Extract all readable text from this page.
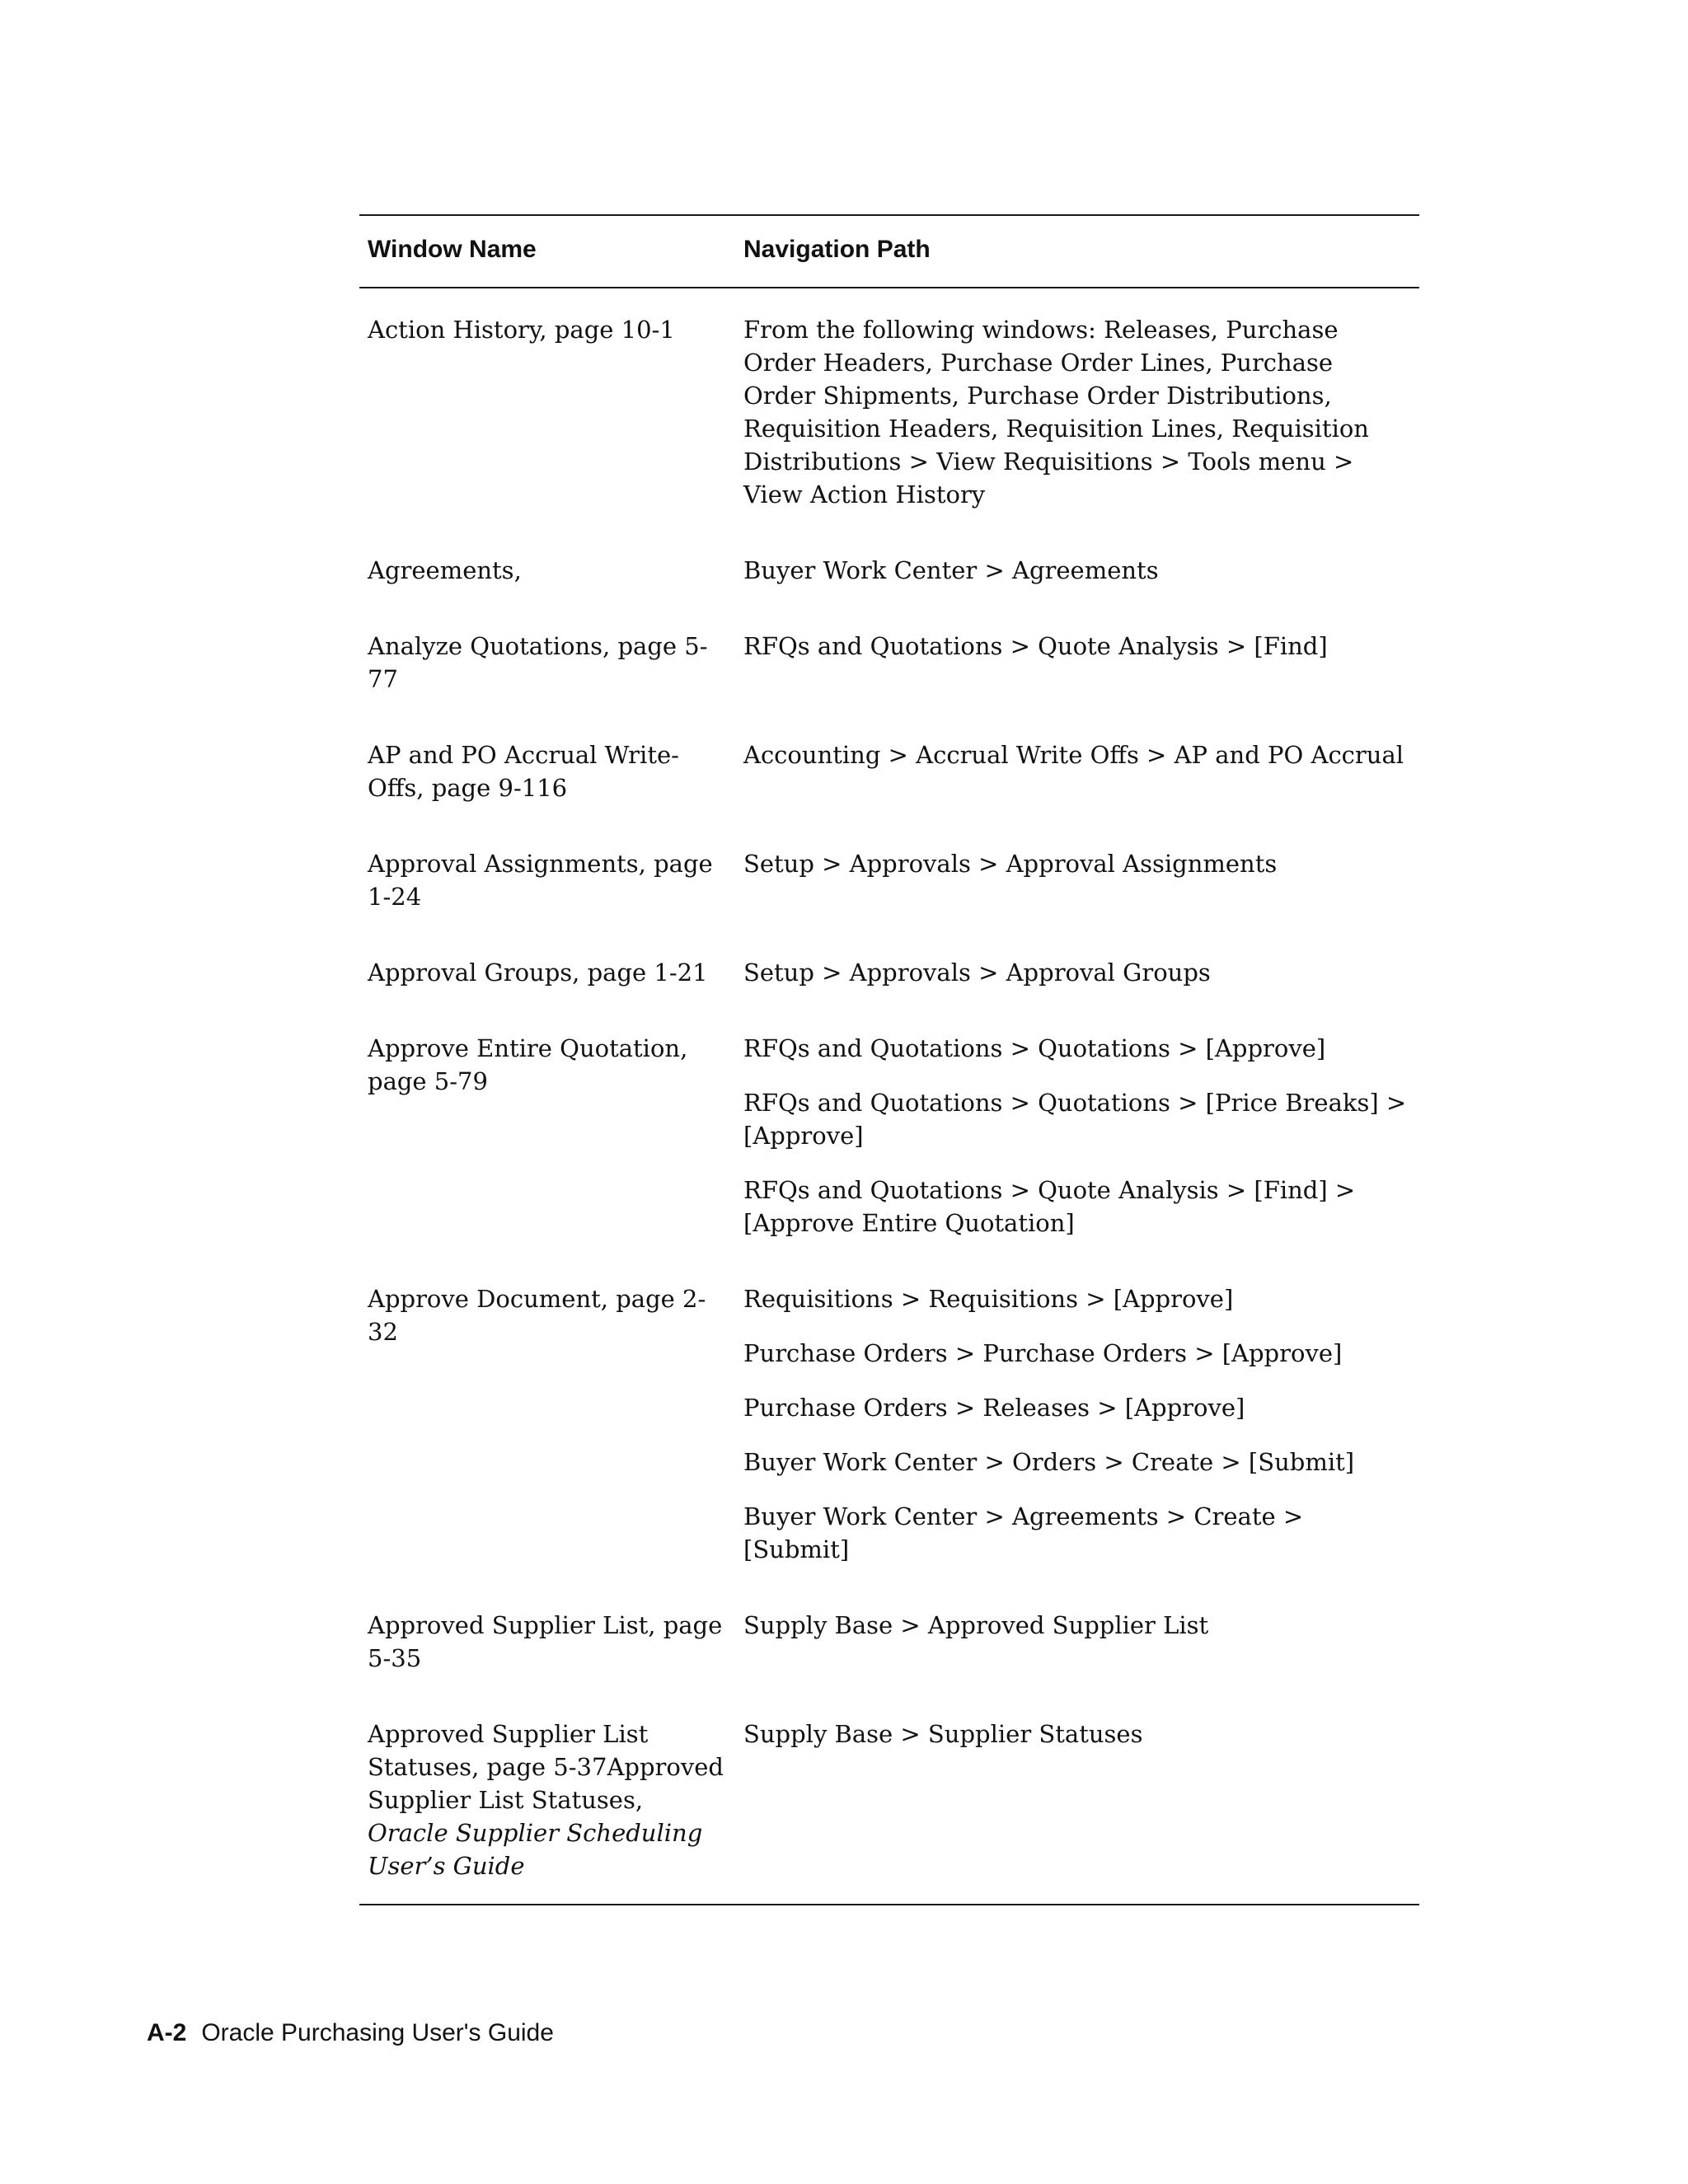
Window Name	Navigation Path
Action History, page 10-1	From the following windows: Releases, Purchase Order Headers, Purchase Order Lines, Purchase Order Shipments, Purchase Order Distributions, Requisition Headers, Requisition Lines, Requisition Distributions > View Requisitions > Tools menu > View Action History

Agreements,	Buyer Work Center > Agreements

Analyze Quotations, page 5-77	RFQs and Quotations > Quote Analysis > [Find]

AP and PO Accrual Write-Offs, page 9-116	Accounting > Accrual Write Offs > AP and PO Accrual

Approval Assignments, page 1-24	Setup > Approvals > Approval Assignments

Approval Groups, page 1-21	Setup > Approvals > Approval Groups

Approve Entire Quotation, page 5-79	RFQs and Quotations > Quotations > [Approve]
RFQs and Quotations > Quotations > [Price Breaks] > [Approve]
RFQs and Quotations > Quote Analysis > [Find] > [Approve Entire Quotation]

Approve Document, page 2-32	Requisitions > Requisitions > [Approve]
Purchase Orders > Purchase Orders > [Approve]
Purchase Orders > Releases > [Approve]
Buyer Work Center > Orders > Create > [Submit]
Buyer Work Center > Agreements > Create > [Submit]

Approved Supplier List, page 5-35	Supply Base > Approved Supplier List

Approved Supplier List Statuses, page 5-37Approved Supplier List Statuses, Oracle Supplier Scheduling User’s Guide	Supply Base > Supplier Statuses
A-2 Oracle Purchasing User's Guide
